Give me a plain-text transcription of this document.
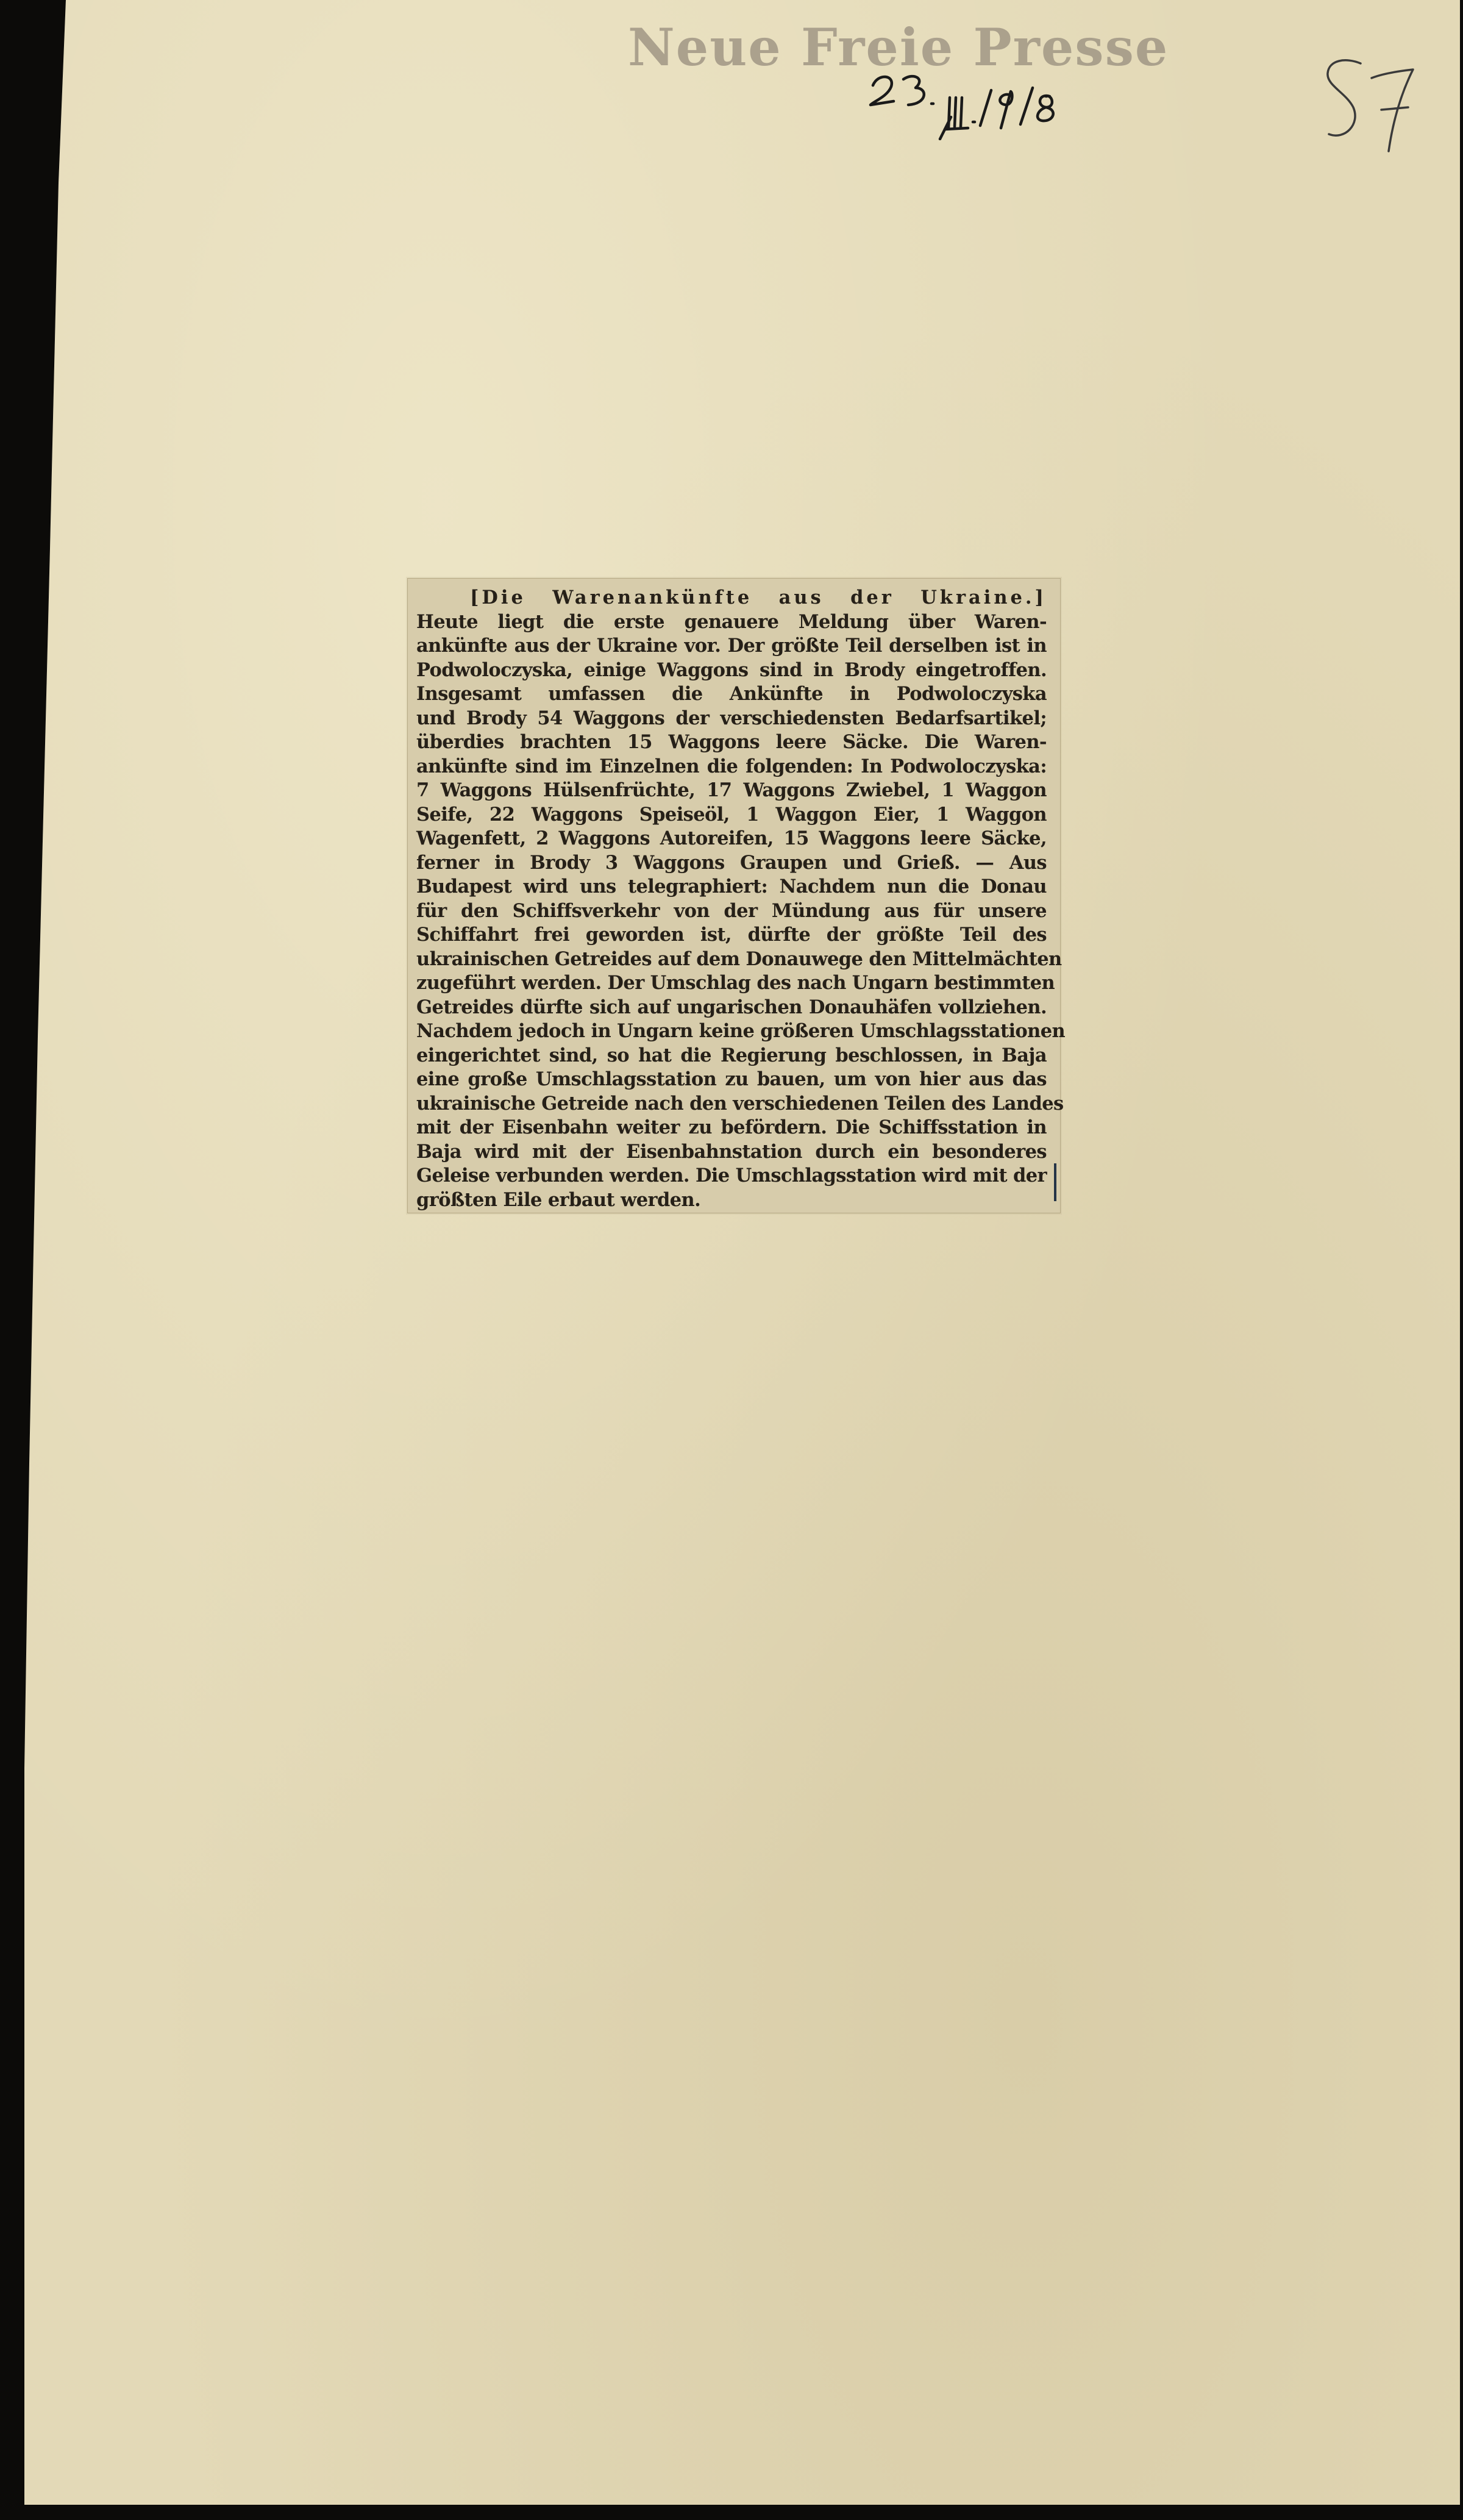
Neue Freie Presse
[Die Warenankünfte aus der Ukraine.]
Heute liegt die erste genauere Meldung über Waren-
ankünfte aus der Ukraine vor. Der größte Teil derselben ist in
Podwoloczyska, einige Waggons sind in Brody eingetroffen.
Insgesamt umfassen die Ankünfte in Podwoloczyska
und Brody 54 Waggons der verschiedensten Bedarfsartikel;
überdies brachten 15 Waggons leere Säcke. Die Waren-
ankünfte sind im Einzelnen die folgenden: In Podwoloczyska:
7 Waggons Hülsenfrüchte, 17 Waggons Zwiebel, 1 Waggon
Seife, 22 Waggons Speiseöl, 1 Waggon Eier, 1 Waggon
Wagenfett, 2 Waggons Autoreifen, 15 Waggons leere Säcke,
ferner in Brody 3 Waggons Graupen und Grieß. — Aus
Budapest wird uns telegraphiert: Nachdem nun die Donau
für den Schiffsverkehr von der Mündung aus für unsere
Schiffahrt frei geworden ist, dürfte der größte Teil des
ukrainischen Getreides auf dem Donauwege den Mittelmächten
zugeführt werden. Der Umschlag des nach Ungarn bestimmten
Getreides dürfte sich auf ungarischen Donauhäfen vollziehen.
Nachdem jedoch in Ungarn keine größeren Umschlagsstationen
eingerichtet sind, so hat die Regierung beschlossen, in Baja
eine große Umschlagsstation zu bauen, um von hier aus das
ukrainische Getreide nach den verschiedenen Teilen des Landes
mit der Eisenbahn weiter zu befördern. Die Schiffsstation in
Baja wird mit der Eisenbahnstation durch ein besonderes
Geleise verbunden werden. Die Umschlagsstation wird mit der
größten Eile erbaut werden.
